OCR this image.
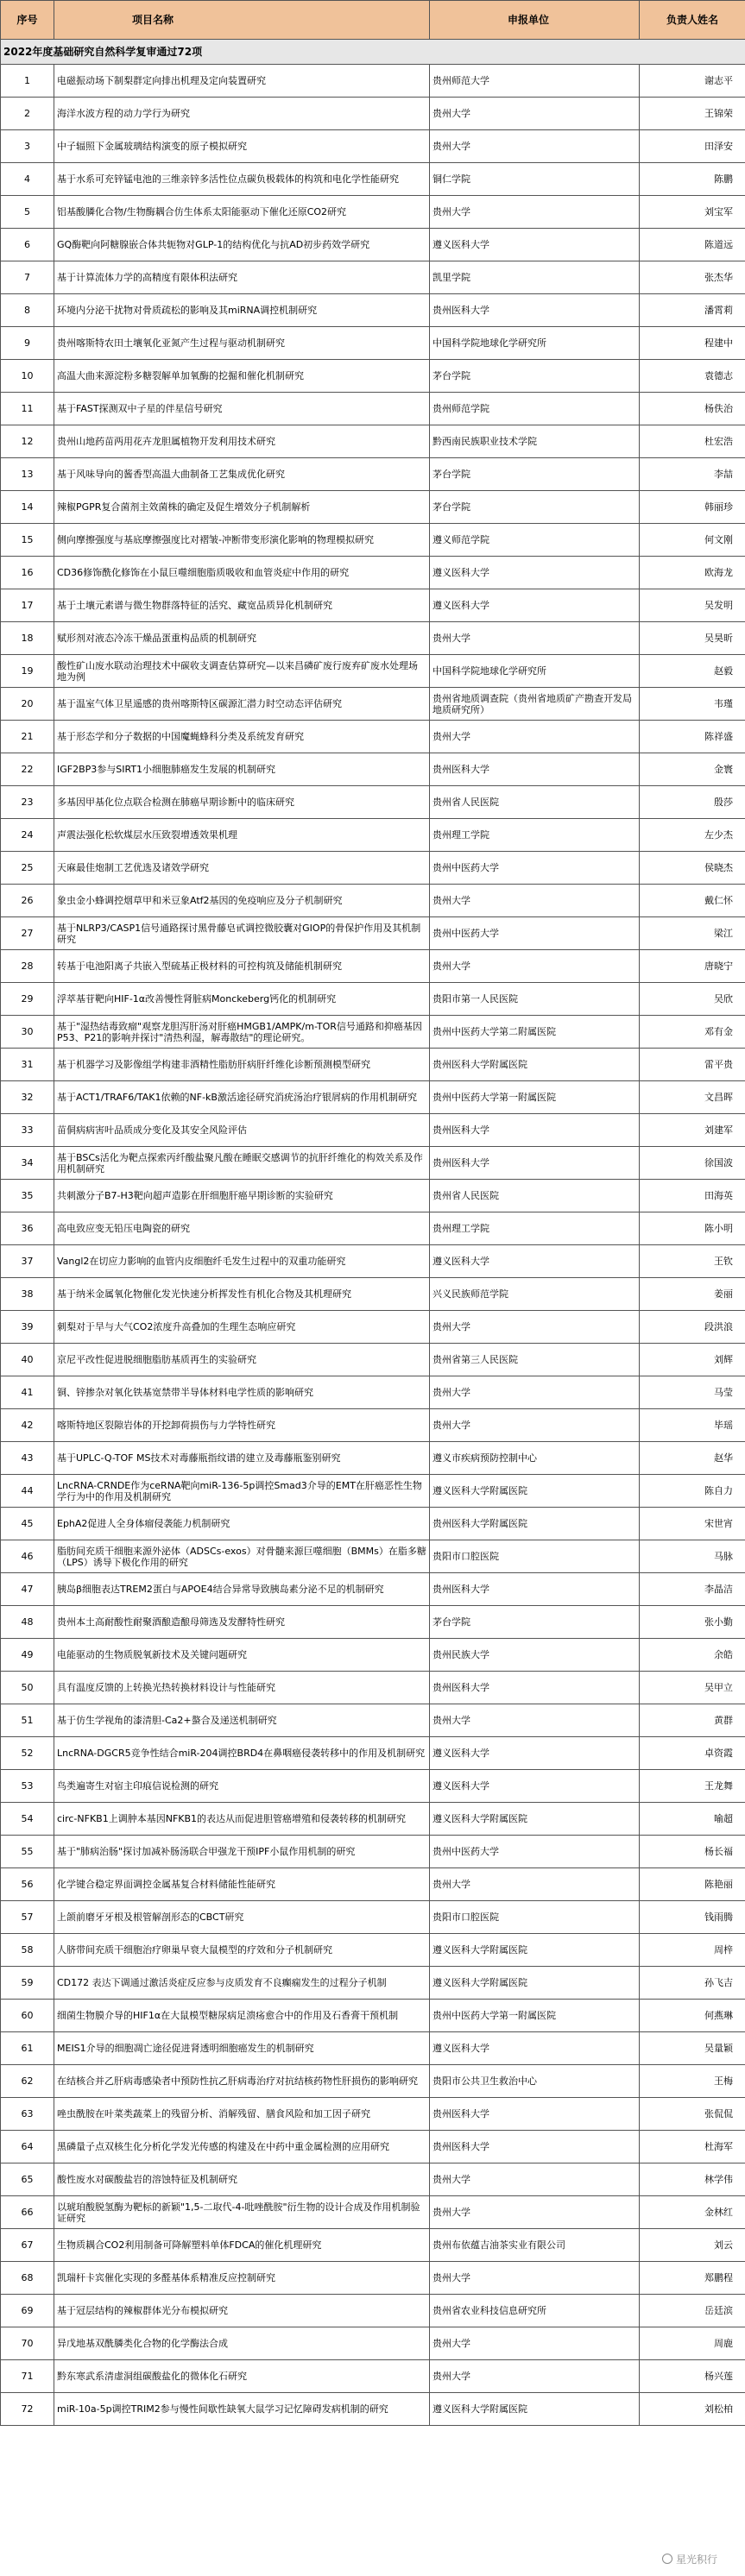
序号	项目名称	申报单位	负责人姓名
2022年度基础研究自然科学复审通过72项			
1	电磁振动场下制梨群定向排出机理及定向装置研究	贵州师范大学	谢志平
2	海洋水波方程的动力学行为研究	贵州大学	王锦荣
3	中子辐照下金属玻璃结构演变的原子模拟研究	贵州大学	田泽安
4	基于水系可充锌锰电池的三维亲锌多活性位点碳负极载体的构筑和电化学性能研究	铜仁学院	陈鹏
5	铝基酸膦化合物/生物酶耦合仿生体系太阳能驱动下催化还原CO2研究	贵州大学	刘宝军
6	GQ酶靶向阿糖腺嵌合体共轭物对GLP-1的结构优化与抗AD初步药效学研究	遵义医科大学	陈道远
7	基于计算流体力学的高精度有限体积法研究	凯里学院	张杰华
8	环境内分泌干扰物对骨质疏松的影响及其miRNA调控机制研究	贵州医科大学	潘霄莉
9	贵州喀斯特农田土壤氧化亚氮产生过程与驱动机制研究	中国科学院地球化学研究所	程建中
10	高温大曲来源淀粉多糖裂解单加氧酶的挖掘和催化机制研究	茅台学院	袁德志
11	基于FAST探测双中子星的伴星信号研究	贵州师范学院	杨佚治
12	贵州山地药苗两用花卉龙胆属植物开发利用技术研究	黔西南民族职业技术学院	杜宏浩
13	基于风味导向的酱香型高温大曲制备工艺集成优化研究	茅台学院	李喆
14	辣椒PGPR复合菌剂主效菌株的确定及促生增效分子机制解析	茅台学院	韩丽珍
15	侧向摩擦强度与基底摩擦强度比对褶皱-冲断带变形演化影响的物理模拟研究	遵义师范学院	何文刚
16	CD36修饰酰化修饰在小鼠巨噬细胞脂质吸收和血管炎症中作用的研究	遵义医科大学	欧海龙
17	基于土壤元素谱与微生物群落特征的活究、藏宽品质异化机制研究	遵义医科大学	吴发明
18	赋形剂对液态冷冻干燥品蛋重构品质的机制研究	贵州大学	吴昊昕
19	酸性矿山废水联动治理技术中碳收支调查估算研究—以来昌磷矿废行废弃矿废水处理场地为例	中国科学院地球化学研究所	赵毅
20	基于温室气体卫星遥感的贵州喀斯特区碳源汇潜力时空动态评估研究	贵州省地质调查院（贵州省地质矿产勘查开发局地质研究所）	韦瑾
21	基于形态学和分子数据的中国魔蝇蜂科分类及系统发育研究	贵州大学	陈祥盛
22	IGF2BP3参与SIRT1小细胞肺癌发生发展的机制研究	贵州医科大学	金寰
23	多基因甲基化位点联合检测在肺癌早期诊断中的临床研究	贵州省人民医院	殷莎
24	声震法强化松软煤层水压致裂增透效果机理	贵州理工学院	左少杰
25	天麻最佳炮制工艺优选及诸效学研究	贵州中医药大学	侯晓杰
26	象虫金小蜂调控烟草甲和米豆象Atf2基因的免疫响应及分子机制研究	贵州大学	戴仁怀
27	基于NLRP3/CASP1信号通路探讨黑骨藤皂甙调控微胶囊对GIOP的骨保护作用及其机制研究	贵州中医药大学	梁江
28	转基于电池阳离子共嵌入型硫基正极材料的可控构筑及储能机制研究	贵州大学	唐晓宁
29	浮萃基苷靶向HIF-1α改善慢性肾脏病Monckeberg钙化的机制研究	贵阳市第一人民医院	吴欣
30	基于"湿热结毒致瘤"观察龙胆泻肝汤对肝癌HMGB1/AMPK/m-TOR信号通路和抑癌基因P53、P21的影响并探讨"清热利湿，解毒散结"的理论研究。	贵州中医药大学第二附属医院	邓有金
31	基于机器学习及影像组学构建非酒精性脂肪肝病肝纤维化诊断预测模型研究	贵州医科大学附属医院	雷平贵
32	基于ACT1/TRAF6/TAK1依赖的NF-kB激活途径研究消疣汤治疗银屑病的作用机制研究	贵州中医药大学第一附属医院	文昌晖
33	苗侗病病害叶品质成分变化及其安全风险评估	贵州医科大学	刘建军
34	基于BSCs活化为靶点探索丙纤酸盐聚凡酸在睡眠交感调节的抗肝纤维化的构效关系及作用机制研究	贵州医科大学	徐国波
35	共刺激分子B7-H3靶向超声造影在肝细胞肝癌早期诊断的实验研究	贵州省人民医院	田海英
36	高电致应变无铅压电陶瓷的研究	贵州理工学院	陈小明
37	Vangl2在切应力影响的血管内皮细胞纤毛发生过程中的双重功能研究	遵义医科大学	王钦
38	基于纳米金属氧化物催化发光快速分析挥发性有机化合物及其机理研究	兴义民族师范学院	姜丽
39	刺梨对于旱与大气CO2浓度升高叠加的生理生态响应研究	贵州大学	段洪浪
40	京尼平改性促进脱细胞脂肪基质再生的实验研究	贵州省第三人民医院	刘辉
41	铜、锌掺杂对氧化铁基宽禁带半导体材料电学性质的影响研究	贵州大学	马莹
42	喀斯特地区裂隙岩体的开挖卸荷损伤与力学特性研究	贵州大学	毕瑶
43	基于UPLC-Q-TOF MS技术对毒藤瓶指纹谱的建立及毒藤瓶鉴别研究	遵义市疾病预防控制中心	赵华
44	LncRNA-CRNDE作为ceRNA靶向miR-136-5p调控Smad3介导的EMT在肝癌恶性生物学行为中的作用及机制研究	遵义医科大学附属医院	陈自力
45	EphA2促进人全身体瘤侵袭能力机制研究	贵州医科大学附属医院	宋世宵
46	脂肪间充质干细胞来源外泌体（ADSCs-exos）对骨髓来源巨噬细胞（BMMs）在脂多糖（LPS）诱导下极化作用的研究	贵阳市口腔医院	马脉
47	胰岛β细胞表达TREM2蛋白与APOE4结合异常导致胰岛素分泌不足的机制研究	贵州医科大学	李晶洁
48	贵州本土高耐酸性耐聚酒酿造酿母筛选及发酵特性研究	茅台学院	张小勤
49	电能驱动的生物质脱氧新技术及关键问题研究	贵州民族大学	余皓
50	具有温度反馈的上转换光热转换材料设计与性能研究	贵州医科大学	吴甲立
51	基于仿生学视角的漆清胆-Ca2+螯合及递送机制研究	贵州大学	黄群
52	LncRNA-DGCR5竞争性结合miR-204调控BRD4在鼻咽癌侵袭转移中的作用及机制研究	遵义医科大学	卓资霞
53	鸟类遍寄生对宿主印痕信说检测的研究	遵义医科大学	王龙舞
54	circ-NFKB1上调肿本基因NFKB1的表达从而促进胆管癌增殖和侵袭转移的机制研究	遵义医科大学附属医院	喻超
55	基于"肺病治肠"探讨加减补肠汤联合甲强龙干预IPF小鼠作用机制的研究	贵州中医药大学	杨长福
56	化学键合稳定界面调控金属基复合材料储能性能研究	贵州大学	陈艳丽
57	上颌前磨牙牙根及根管解剖形态的CBCT研究	贵阳市口腔医院	钱雨腾
58	人脐带间充质干细胞治疗卵巢早衰大鼠模型的疗效和分子机制研究	遵义医科大学附属医院	周梓
59	CD172 表达下调通过激活炎症反应参与皮质发育不良癫痫发生的过程分子机制	遵义医科大学附属医院	孙飞吉
60	细菌生物膜介导的HIF1α在大鼠模型糖尿病足溃疡愈合中的作用及石香膏干预机制	贵州中医药大学第一附属医院	何燕琳
61	MEIS1介导的细胞凋亡途径促进肾透明细胞癌发生的机制研究	遵义医科大学	吴量颖
62	在结核合并乙肝病毒感染者中预防性抗乙肝病毒治疗对抗结核药物性肝损伤的影响研究	贵阳市公共卫生救治中心	王梅
63	唑虫酰胺在叶菜类蔬菜上的残留分析、消解残留、膳食风险和加工因子研究	贵州医科大学	张侃侃
64	黑磷量子点双核生化分析化学发光传感的构建及在中药中重金属检测的应用研究	贵州医科大学	杜海军
65	酸性废水对碳酸盐岩的溶蚀特征及机制研究	贵州大学	林学伟
66	以琥珀酸脱氢酶为靶标的新颖"1,5-二取代-4-吡唑酰胺"衍生物的设计合成及作用机制验证研究	贵州大学	金林红
67	生物质耦合CO2利用制备可降解塑料单体FDCA的催化机理研究	贵州布依蕴吉油茶实业有限公司	刘云
68	凯瑞杆卡宾催化实现的多醛基体系精准反应控制研究	贵州大学	郑鹏程
69	基于冠层结构的辣椒群体光分布模拟研究	贵州省农业科技信息研究所	岳廷滨
70	异戊地基双酰膦类化合物的化学酶法合成	贵州大学	周鹿
71	黔东寒武系清虚洞组碳酸盐化的微体化石研究	贵州大学	杨兴莲
72	miR-10a-5p调控TRIM2参与慢性间歇性缺氧大鼠学习记忆障碍发病机制的研究	遵义医科大学附属医院	刘松柏
星光积行
